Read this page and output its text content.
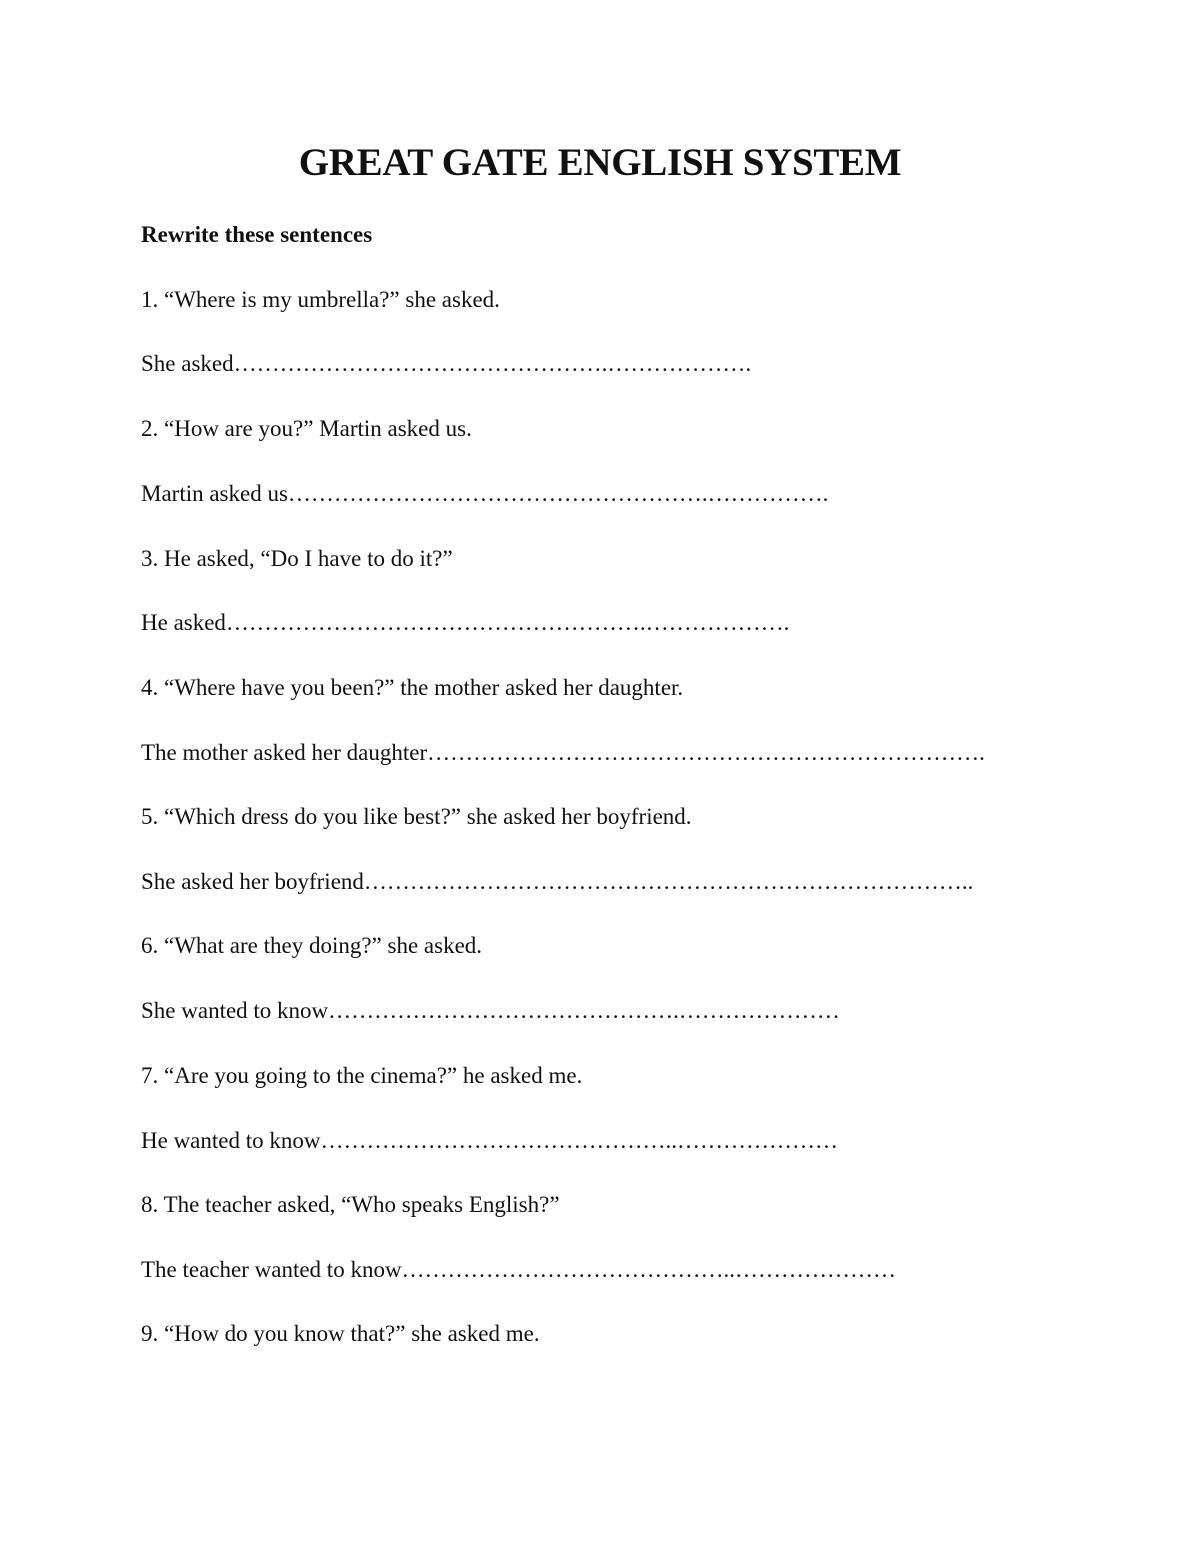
GREAT GATE ENGLISH SYSTEM

Rewrite these sentences

1. “Where is my umbrella?” she asked.

She asked………………………………………….……………….

2. “How are you?” Martin asked us.

Martin asked us……………………………………………….…………….

3. He asked, “Do I have to do it?”

He asked……………………………………………….……………….

4. “Where have you been?” the mother asked her daughter.

The mother asked her daughter……………………………………………………………….

5. “Which dress do you like best?” she asked her boyfriend.

She asked her boyfriend……………………………………………………………………..

6. “What are they doing?” she asked.

She wanted to know……………………………………….…………………

7. “Are you going to the cinema?” he asked me.

He wanted to know………………………………………..…………………

8. The teacher asked, “Who speaks English?”

The teacher wanted to know……………………………………..…………………

9. “How do you know that?” she asked me.
